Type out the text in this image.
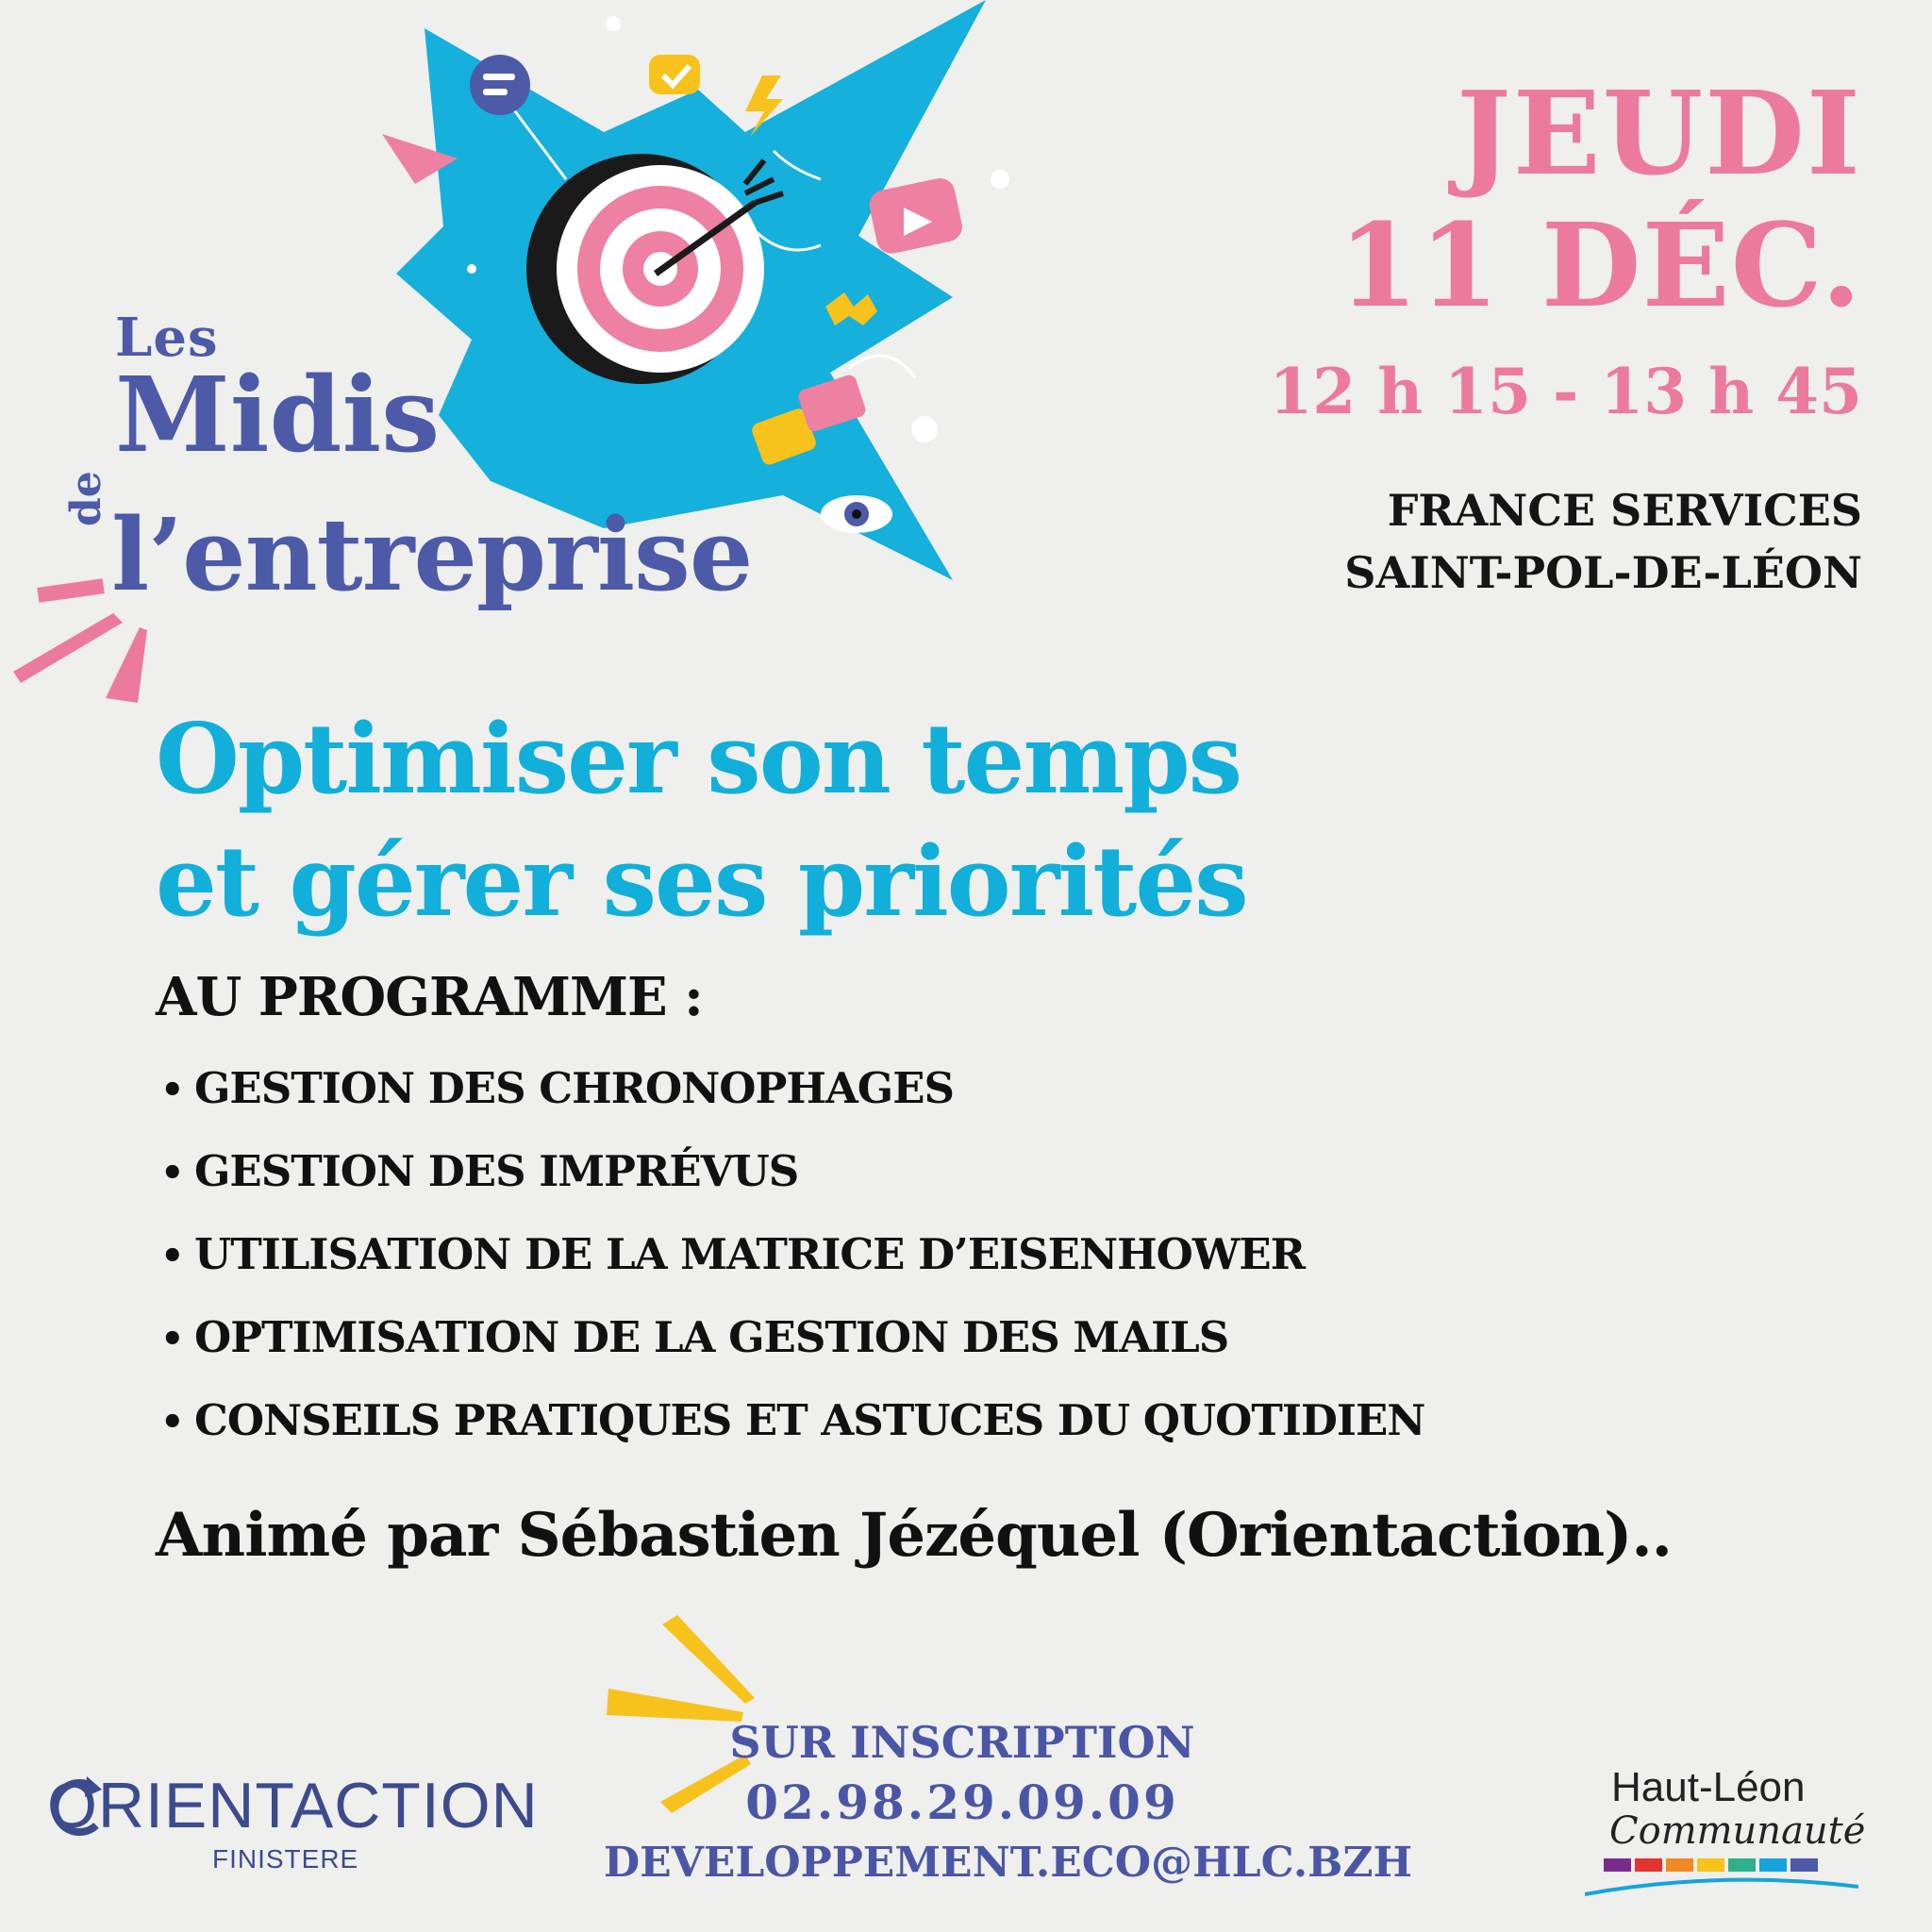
Les
Midis
de l’entreprise
JEUDI
11 DÉC.
12 h 15 - 13 h 45
FRANCE SERVICES
SAINT-POL-DE-LÉON
Optimiser son temps
et gérer ses priorités
AU PROGRAMME :
• GESTION DES CHRONOPHAGES
• GESTION DES IMPRÉVUS
• UTILISATION DE LA MATRICE D’EISENHOWER
• OPTIMISATION DE LA GESTION DES MAILS
• CONSEILS PRATIQUES ET ASTUCES DU QUOTIDIEN
Animé par Sébastien Jézéquel (Orientaction)..
SUR INSCRIPTION
02.98.29.09.09
DEVELOPPEMENT.ECO@HLC.BZH
ORIENTACTION
FINISTERE
Haut-Léon
Communauté
